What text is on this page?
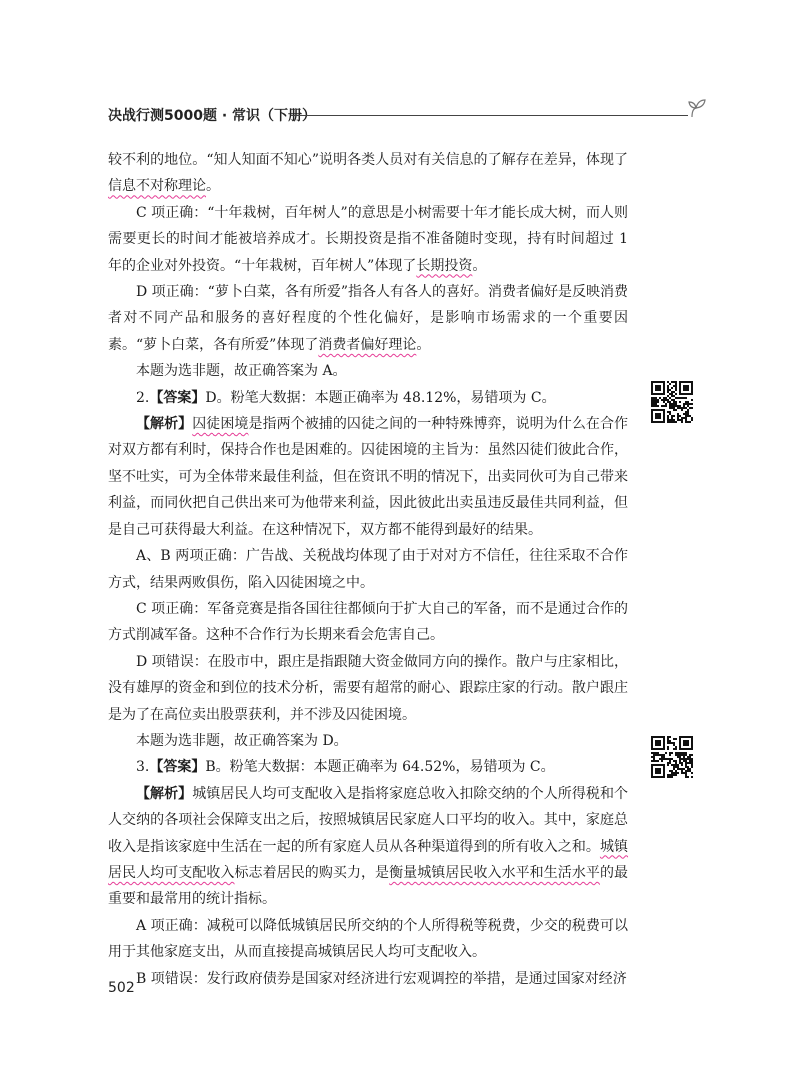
决战行测5000题 · 常识（下册）

较不利的地位。“知人知面不知心”说明各类人员对有关信息的了解存在差异，体现了信息不对称理论。

C 项正确：“十年栽树，百年树人”的意思是小树需要十年才能长成大树，而人则需要更长的时间才能被培养成才。长期投资是指不准备随时变现，持有时间超过 1 年的企业对外投资。“十年栽树，百年树人”体现了长期投资。

D 项正确：“萝卜白菜，各有所爱”指各人有各人的喜好。消费者偏好是反映消费者对不同产品和服务的喜好程度的个性化偏好，是影响市场需求的一个重要因素。“萝卜白菜，各有所爱”体现了消费者偏好理论。

本题为选非题，故正确答案为 A。

2.【答案】D。粉笔大数据：本题正确率为 48.12%，易错项为 C。

【解析】囚徒困境是指两个被捕的囚徒之间的一种特殊博弈，说明为什么在合作对双方都有利时，保持合作也是困难的。囚徒困境的主旨为：虽然囚徒们彼此合作，坚不吐实，可为全体带来最佳利益，但在资讯不明的情况下，出卖同伙可为自己带来利益，而同伙把自己供出来可为他带来利益，因此彼此出卖虽违反最佳共同利益，但是自己可获得最大利益。在这种情况下，双方都不能得到最好的结果。

A、B 两项正确：广告战、关税战均体现了由于对对方不信任，往往采取不合作方式，结果两败俱伤，陷入囚徒困境之中。

C 项正确：军备竞赛是指各国往往都倾向于扩大自己的军备，而不是通过合作的方式削减军备。这种不合作行为长期来看会危害自己。

D 项错误：在股市中，跟庄是指跟随大资金做同方向的操作。散户与庄家相比，没有雄厚的资金和到位的技术分析，需要有超常的耐心、跟踪庄家的行动。散户跟庄是为了在高位卖出股票获利，并不涉及囚徒困境。

本题为选非题，故正确答案为 D。

3.【答案】B。粉笔大数据：本题正确率为 64.52%，易错项为 C。

【解析】城镇居民人均可支配收入是指将家庭总收入扣除交纳的个人所得税和个人交纳的各项社会保障支出之后，按照城镇居民家庭人口平均的收入。其中，家庭总收入是指该家庭中生活在一起的所有家庭人员从各种渠道得到的所有收入之和。城镇居民人均可支配收入标志着居民的购买力，是衡量城镇居民收入水平和生活水平的最重要和最常用的统计指标。

A 项正确：减税可以降低城镇居民所交纳的个人所得税等税费，少交的税费可以用于其他家庭支出，从而直接提高城镇居民人均可支配收入。

B 项错误：发行政府债券是国家对经济进行宏观调控的举措，是通过国家对经济

502
